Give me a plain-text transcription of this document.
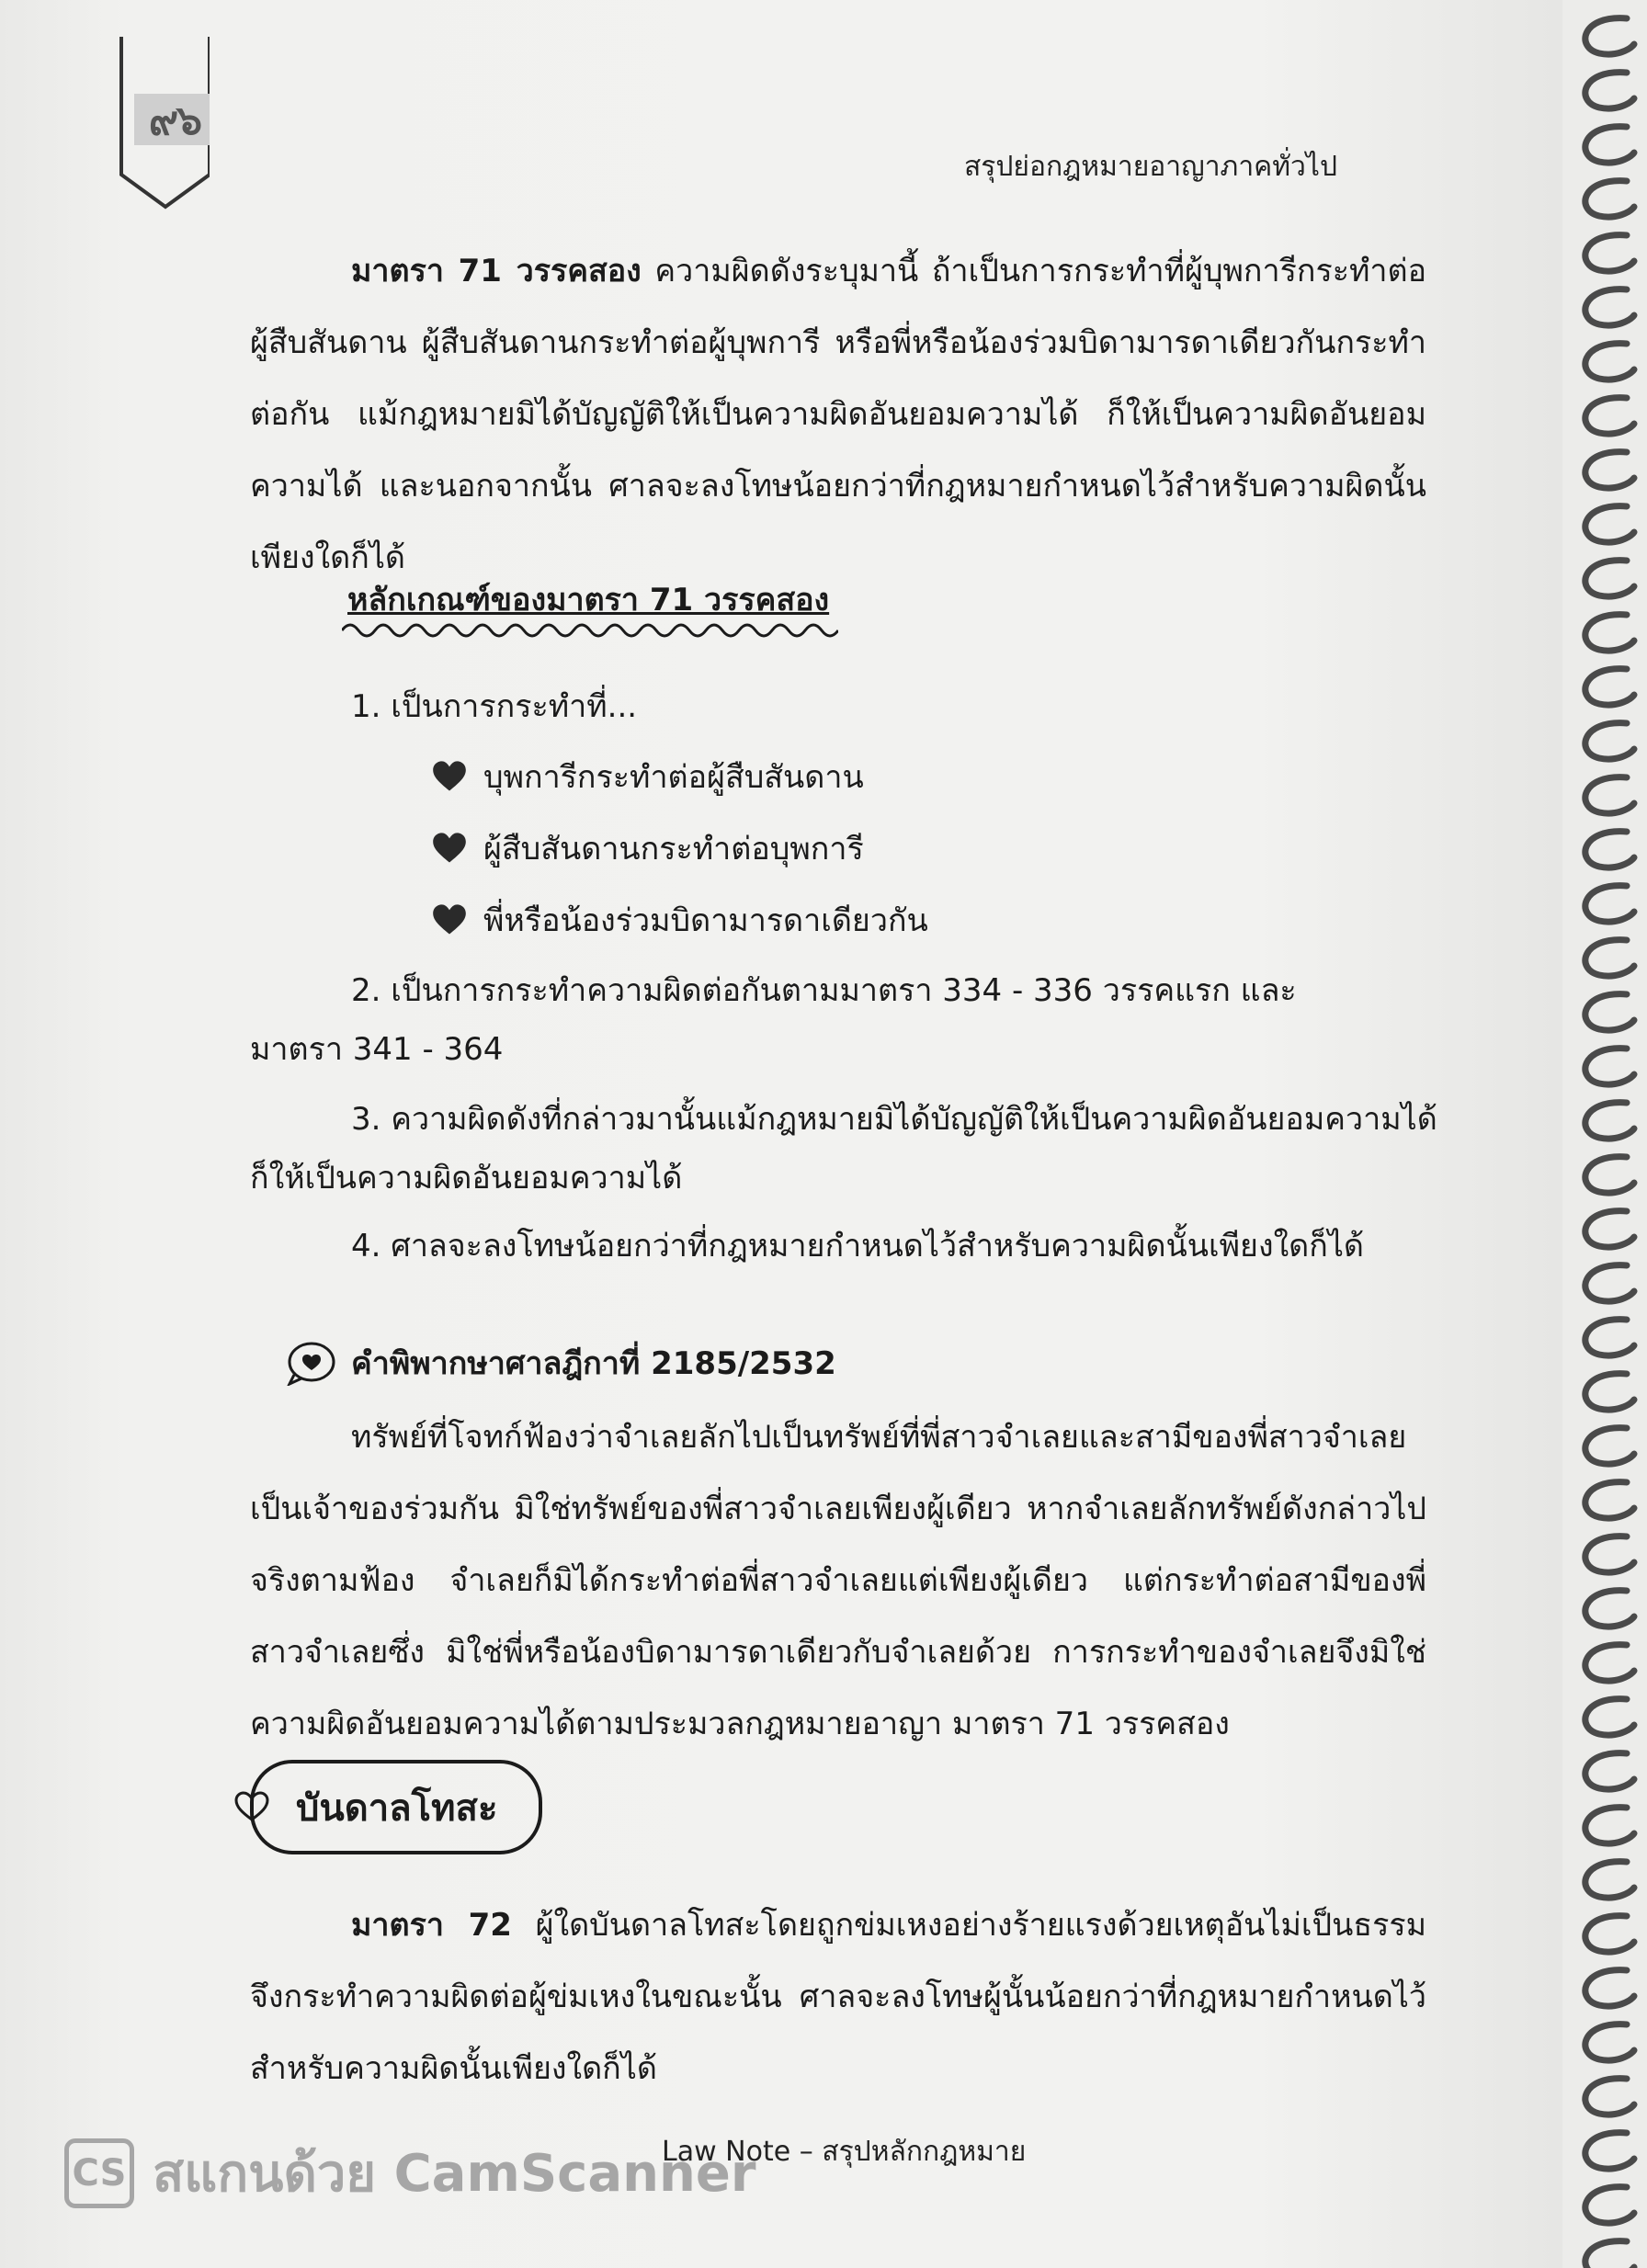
๙๖
สรุปย่อกฎหมายอาญาภาคทั่วไป
มาตรา 71 วรรคสอง ความผิดดังระบุมานี้ ถ้าเป็นการกระทำที่ผู้บุพการีกระทำต่อผู้สืบสันดาน ผู้สืบสันดานกระทำต่อผู้บุพการี หรือพี่หรือน้องร่วมบิดามารดาเดียวกันกระทำต่อกัน แม้กฎหมายมิได้บัญญัติให้เป็นความผิดอันยอมความได้ ก็ให้เป็นความผิดอันยอมความได้ และนอกจากนั้น ศาลจะลงโทษน้อยกว่าที่กฎหมายกำหนดไว้สำหรับความผิดนั้นเพียงใดก็ได้
หลักเกณฑ์ของมาตรา 71 วรรคสอง
1. เป็นการกระทำที่...
บุพการีกระทำต่อผู้สืบสันดาน
ผู้สืบสันดานกระทำต่อบุพการี
พี่หรือน้องร่วมบิดามารดาเดียวกัน
2. เป็นการกระทำความผิดต่อกันตามมาตรา 334 - 336 วรรคแรก และ
มาตรา 341 - 364
3. ความผิดดังที่กล่าวมานั้นแม้กฎหมายมิได้บัญญัติให้เป็นความผิดอันยอมความได้
ก็ให้เป็นความผิดอันยอมความได้
4. ศาลจะลงโทษน้อยกว่าที่กฎหมายกำหนดไว้สำหรับความผิดนั้นเพียงใดก็ได้
คำพิพากษาศาลฎีกาที่ 2185/2532
ทรัพย์ที่โจทก์ฟ้องว่าจำเลยลักไปเป็นทรัพย์ที่พี่สาวจำเลยและสามีของพี่สาวจำเลยเป็นเจ้าของร่วมกัน มิใช่ทรัพย์ของพี่สาวจำเลยเพียงผู้เดียว หากจำเลยลักทรัพย์ดังกล่าวไปจริงตามฟ้อง จำเลยก็มิได้กระทำต่อพี่สาวจำเลยแต่เพียงผู้เดียว แต่กระทำต่อสามีของพี่สาวจำเลยซึ่ง มิใช่พี่หรือน้องบิดามารดาเดียวกับจำเลยด้วย การกระทำของจำเลยจึงมิใช่ความผิดอันยอมความได้ตามประมวลกฎหมายอาญา มาตรา 71 วรรคสอง
บันดาลโทสะ
มาตรา 72 ผู้ใดบันดาลโทสะโดยถูกข่มเหงอย่างร้ายแรงด้วยเหตุอันไม่เป็นธรรม จึงกระทำความผิดต่อผู้ข่มเหงในขณะนั้น ศาลจะลงโทษผู้นั้นน้อยกว่าที่กฎหมายกำหนดไว้สำหรับความผิดนั้นเพียงใดก็ได้
Law Note – สรุปหลักกฎหมาย
CS สแกนด้วย CamScanner
